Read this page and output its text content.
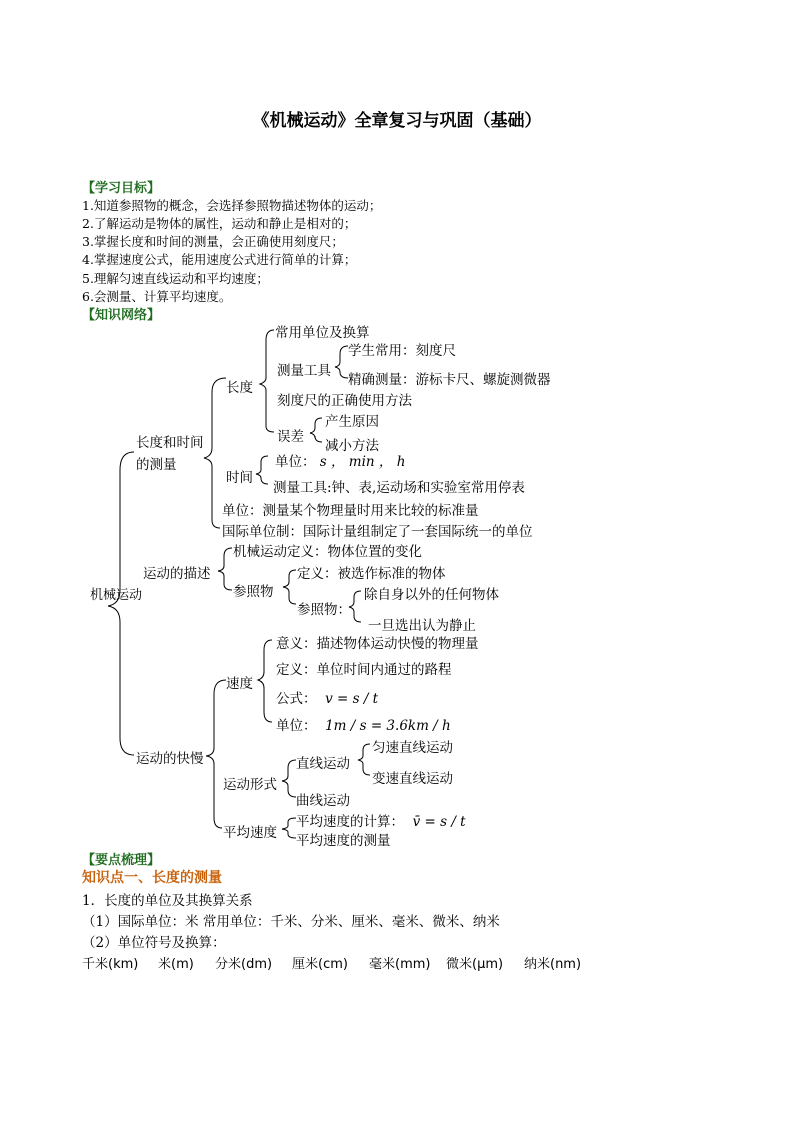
《机械运动》全章复习与巩固（基础）
【学习目标】
1.知道参照物的概念，会选择参照物描述物体的运动；
2.了解运动是物体的属性，运动和静止是相对的；
3.掌握长度和时间的测量，会正确使用刻度尺；
4.掌握速度公式，能用速度公式进行简单的计算；
5.理解匀速直线运动和平均速度；
6.会测量、计算平均速度。
【知识网络】
机械运动
长度和时间
的测量
长度
常用单位及换算
测量工具
学生常用：刻度尺
精确测量：游标卡尺、螺旋测微器
刻度尺的正确使用方法
误差
产生原因
减小方法
时间
单位： s ， min ， h
测量工具:钟、表,运动场和实验室常用停表
单位：测量某个物理量时用来比较的标准量
国际单位制：国际计量组制定了一套国际统一的单位
运动的描述
机械运动定义：物体位置的变化
参照物
定义：被选作标准的物体
参照物：
除自身以外的任何物体
一旦选出认为静止
运动的快慢
速度
意义：描述物体运动快慢的物理量
定义：单位时间内通过的路程
公式： v = s / t
单位： 1m / s = 3.6km / h
运动形式
直线运动
匀速直线运动
变速直线运动
曲线运动
平均速度
平均速度的计算： v̄ = s / t
平均速度的测量
【要点梳理】
知识点一、长度的测量
1．长度的单位及其换算关系
（1）国际单位：米 常用单位：千米、分米、厘米、毫米、微米、纳米
（2）单位符号及换算：
千米(km) 米(m) 分米(dm) 厘米(cm) 毫米(mm) 微米(μm) 纳米(nm)
